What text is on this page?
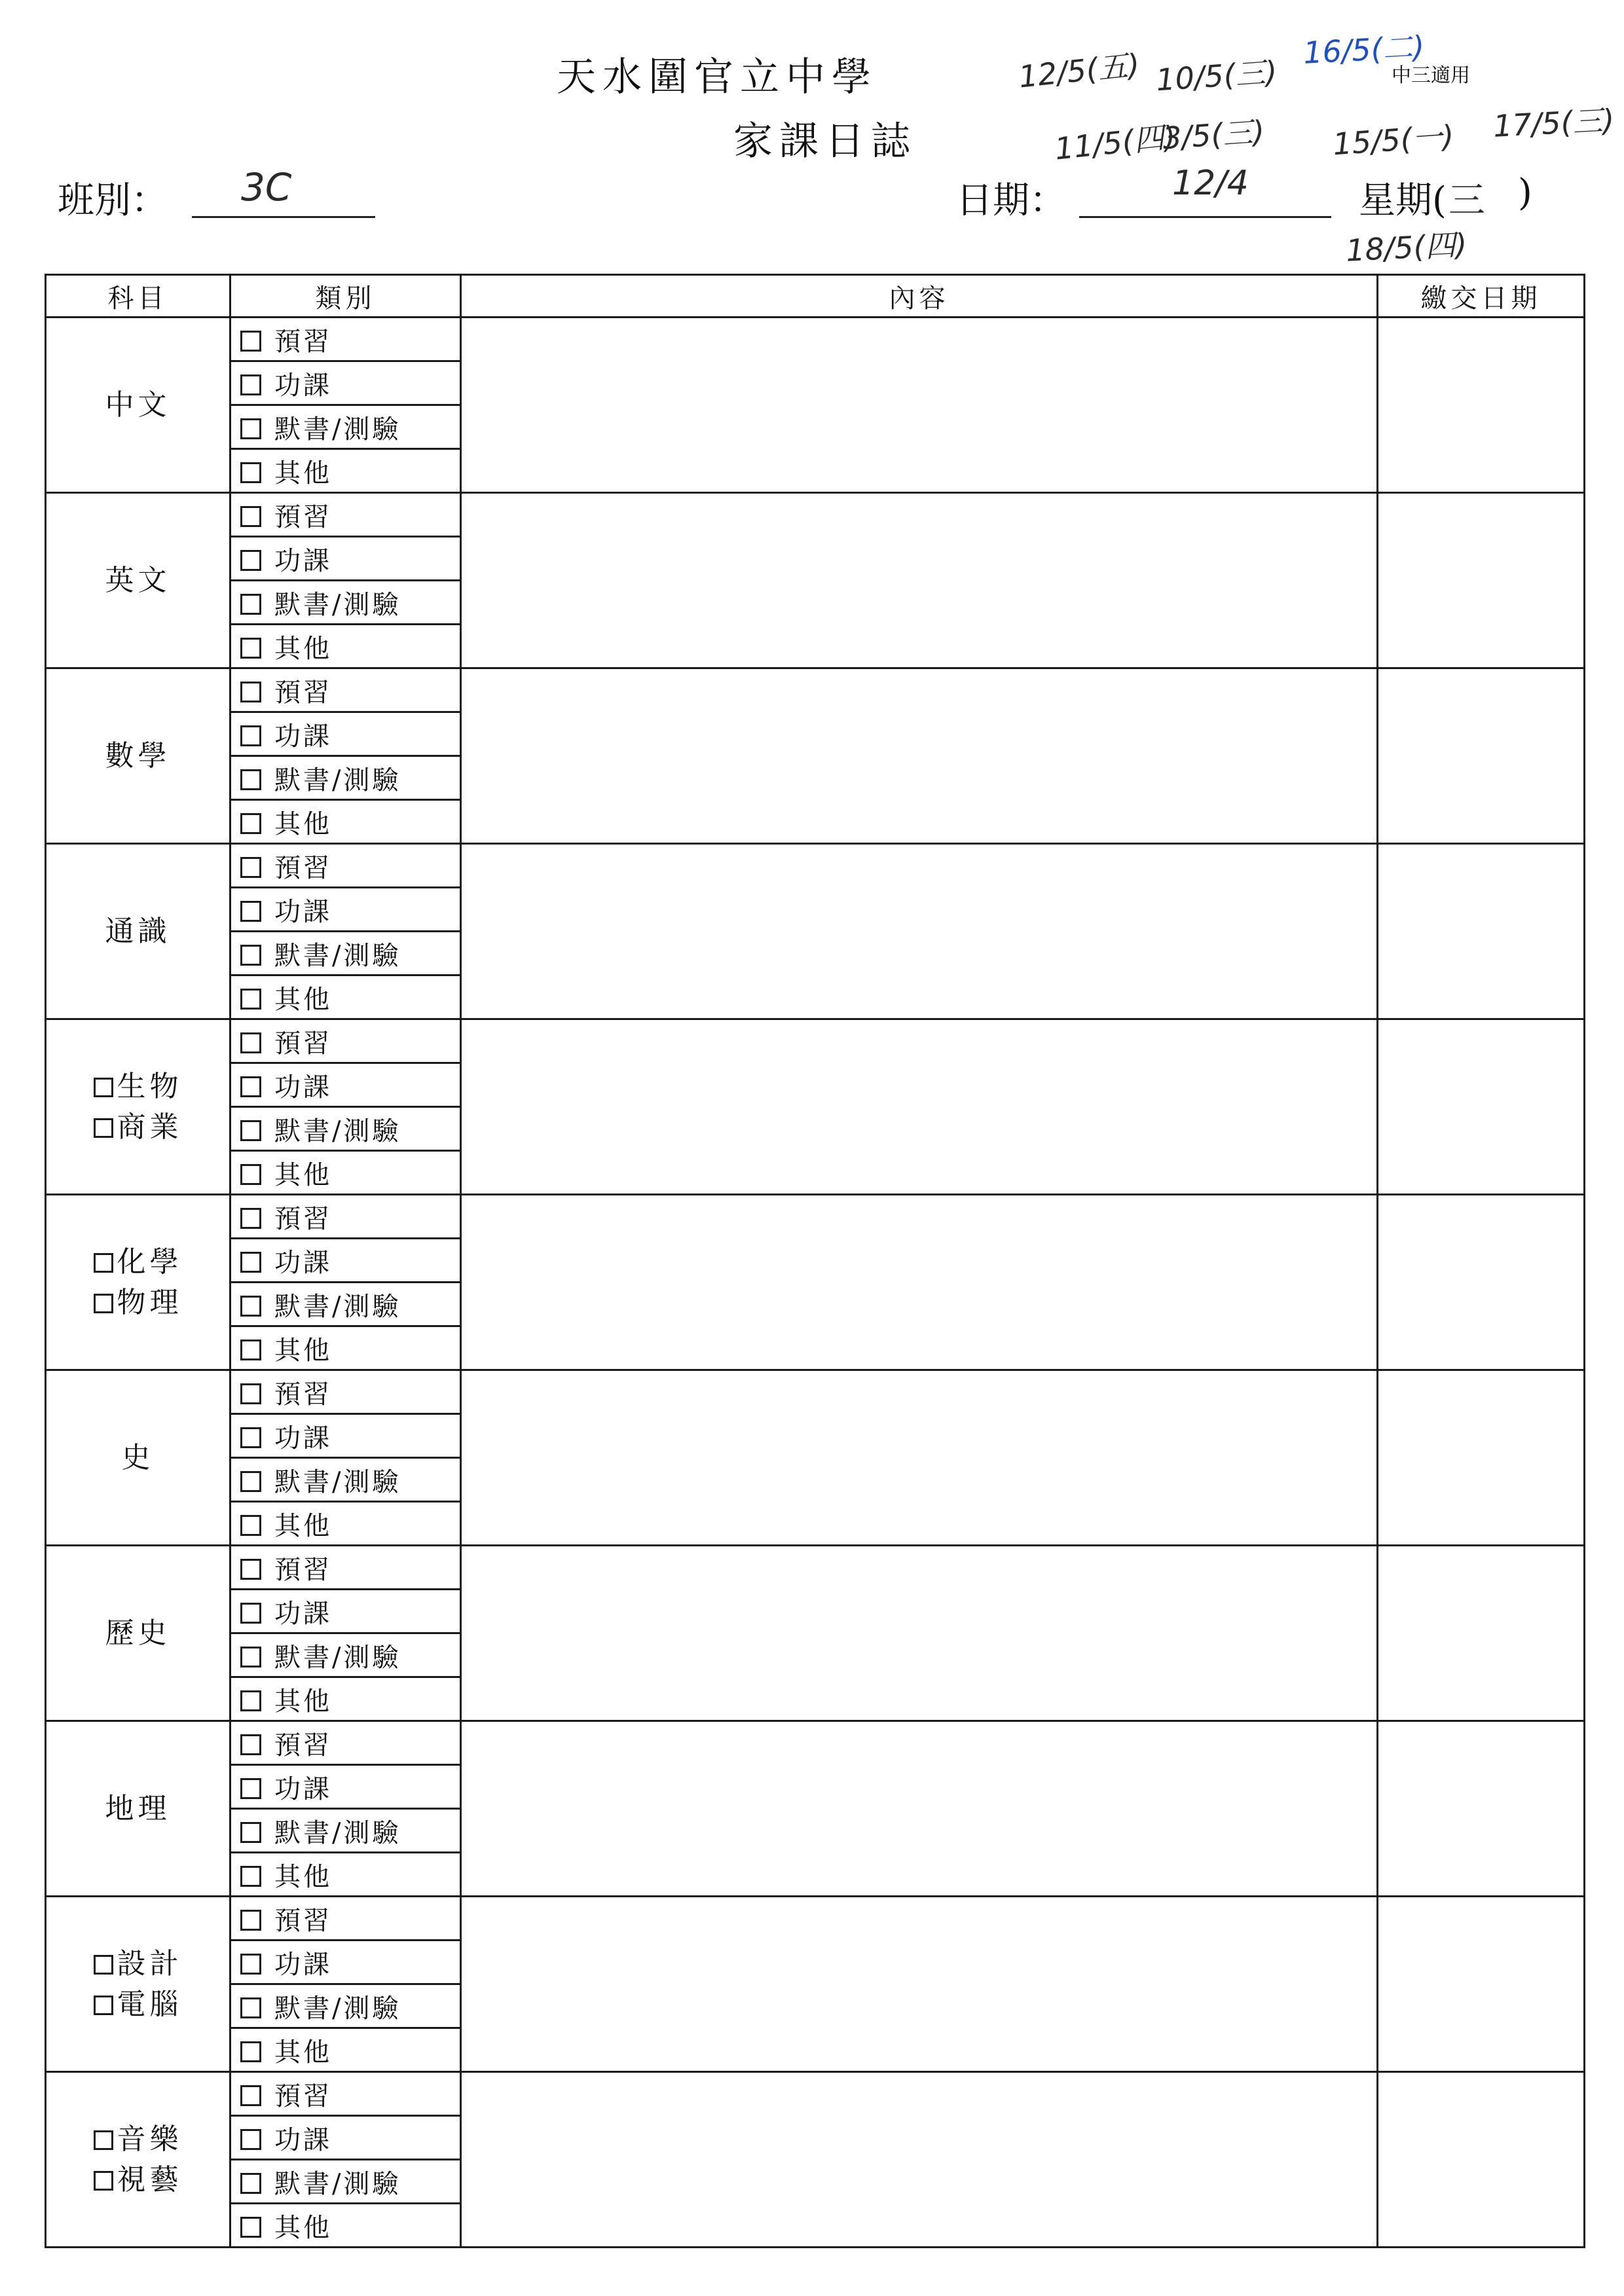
天水圍官立中學
家課日誌
中三適用
班別： 3C	日期：	12/4	星期( 三 )
12/5(五) 10/5(三)
16/5(二)
11/5(四)
3/5(三) 15/5(一) 17/5(三)
18/5(四)
科目	類別	內容	繳交日期

中文	預習		
	功課		
	默書/測驗		
	其他		

英文	預習		
	功課		
	默書/測驗		
	其他		

數學	預習		
	功課		
	默書/測驗		
	其他		

通識	預習		
	功課		
	默書/測驗		
	其他		

生物
商業	預習		
	功課		
	默書/測驗		
	其他		

化學
物理	預習		
	功課		
	默書/測驗		
	其他		

史	預習		
	功課		
	默書/測驗		
	其他		

歷史	預習		
	功課		
	默書/測驗		
	其他		

地理	預習		
	功課		
	默書/測驗		
	其他		

設計
電腦	預習		
	功課		
	默書/測驗		
	其他		

音樂
視藝	預習		
	功課		
	默書/測驗		
	其他		
